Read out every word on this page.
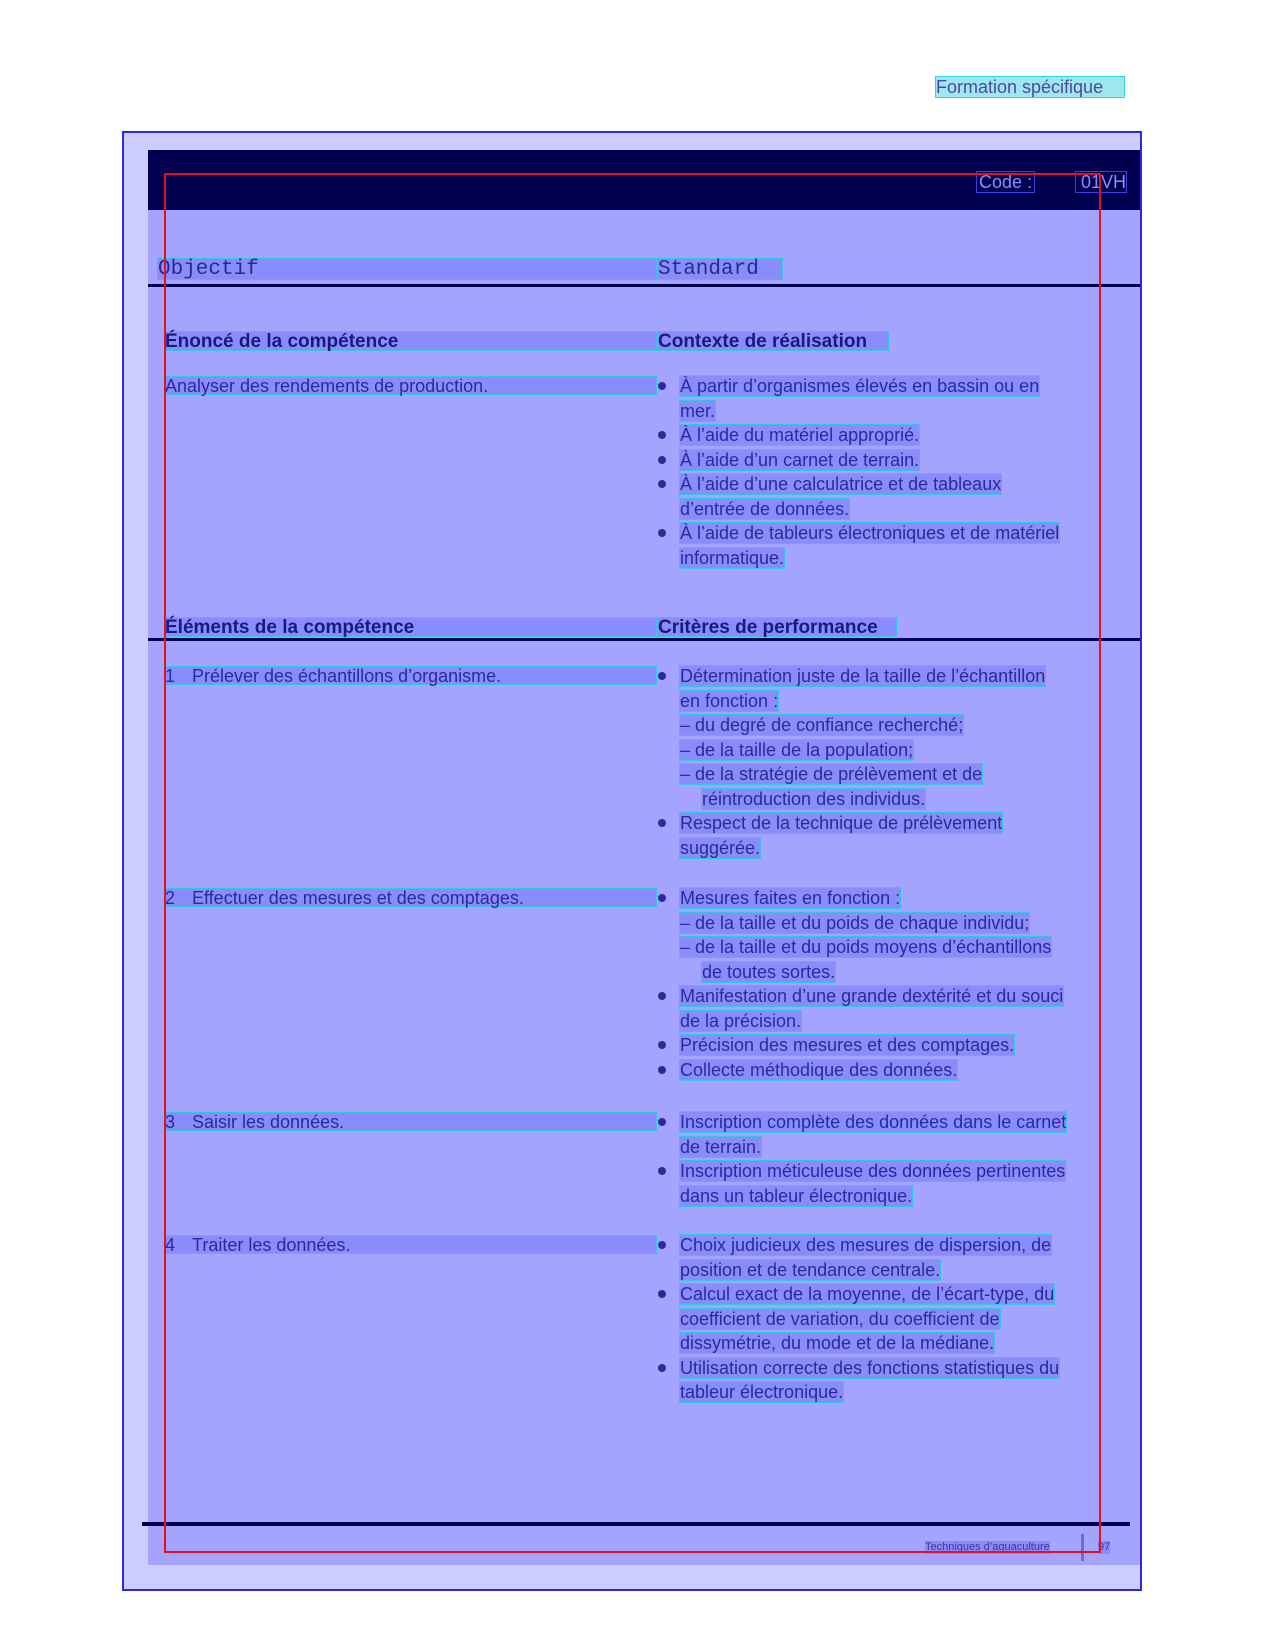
Formation spécifique
Code :	01VH
Objectif	Standard
Énoncé de la compétence	Contexte de réalisation
Analyser des rendements de production.	À partir d’organismes élevés en bassin ou en
mer.
À l’aide du matériel approprié.
À l’aide d’un carnet de terrain.
À l’aide d’une calculatrice et de tableaux
d’entrée de données.
À l’aide de tableurs électroniques et de matériel
informatique.
Éléments de la compétence	Critères de performance
1 Prélever des échantillons d’organisme.	Détermination juste de la taille de l’échantillon
en fonction :
– du degré de confiance recherché;
– de la taille de la population;
– de la stratégie de prélèvement et de
réintroduction des individus.
Respect de la technique de prélèvement
suggérée.
2 Effectuer des mesures et des comptages.	Mesures faites en fonction :
– de la taille et du poids de chaque individu;
– de la taille et du poids moyens d’échantillons
de toutes sortes.
Manifestation d’une grande dextérité et du souci
de la précision.
Précision des mesures et des comptages.
Collecte méthodique des données.
3 Saisir les données.	Inscription complète des données dans le carnet
de terrain.
Inscription méticuleuse des données pertinentes
dans un tableur électronique.
4 Traiter les données.	Choix judicieux des mesures de dispersion, de
position et de tendance centrale.
Calcul exact de la moyenne, de l’écart-type, du
coefficient de variation, du coefficient de
dissymétrie, du mode et de la médiane.
Utilisation correcte des fonctions statistiques du
tableur électronique.
Techniques d’aquaculture	97
